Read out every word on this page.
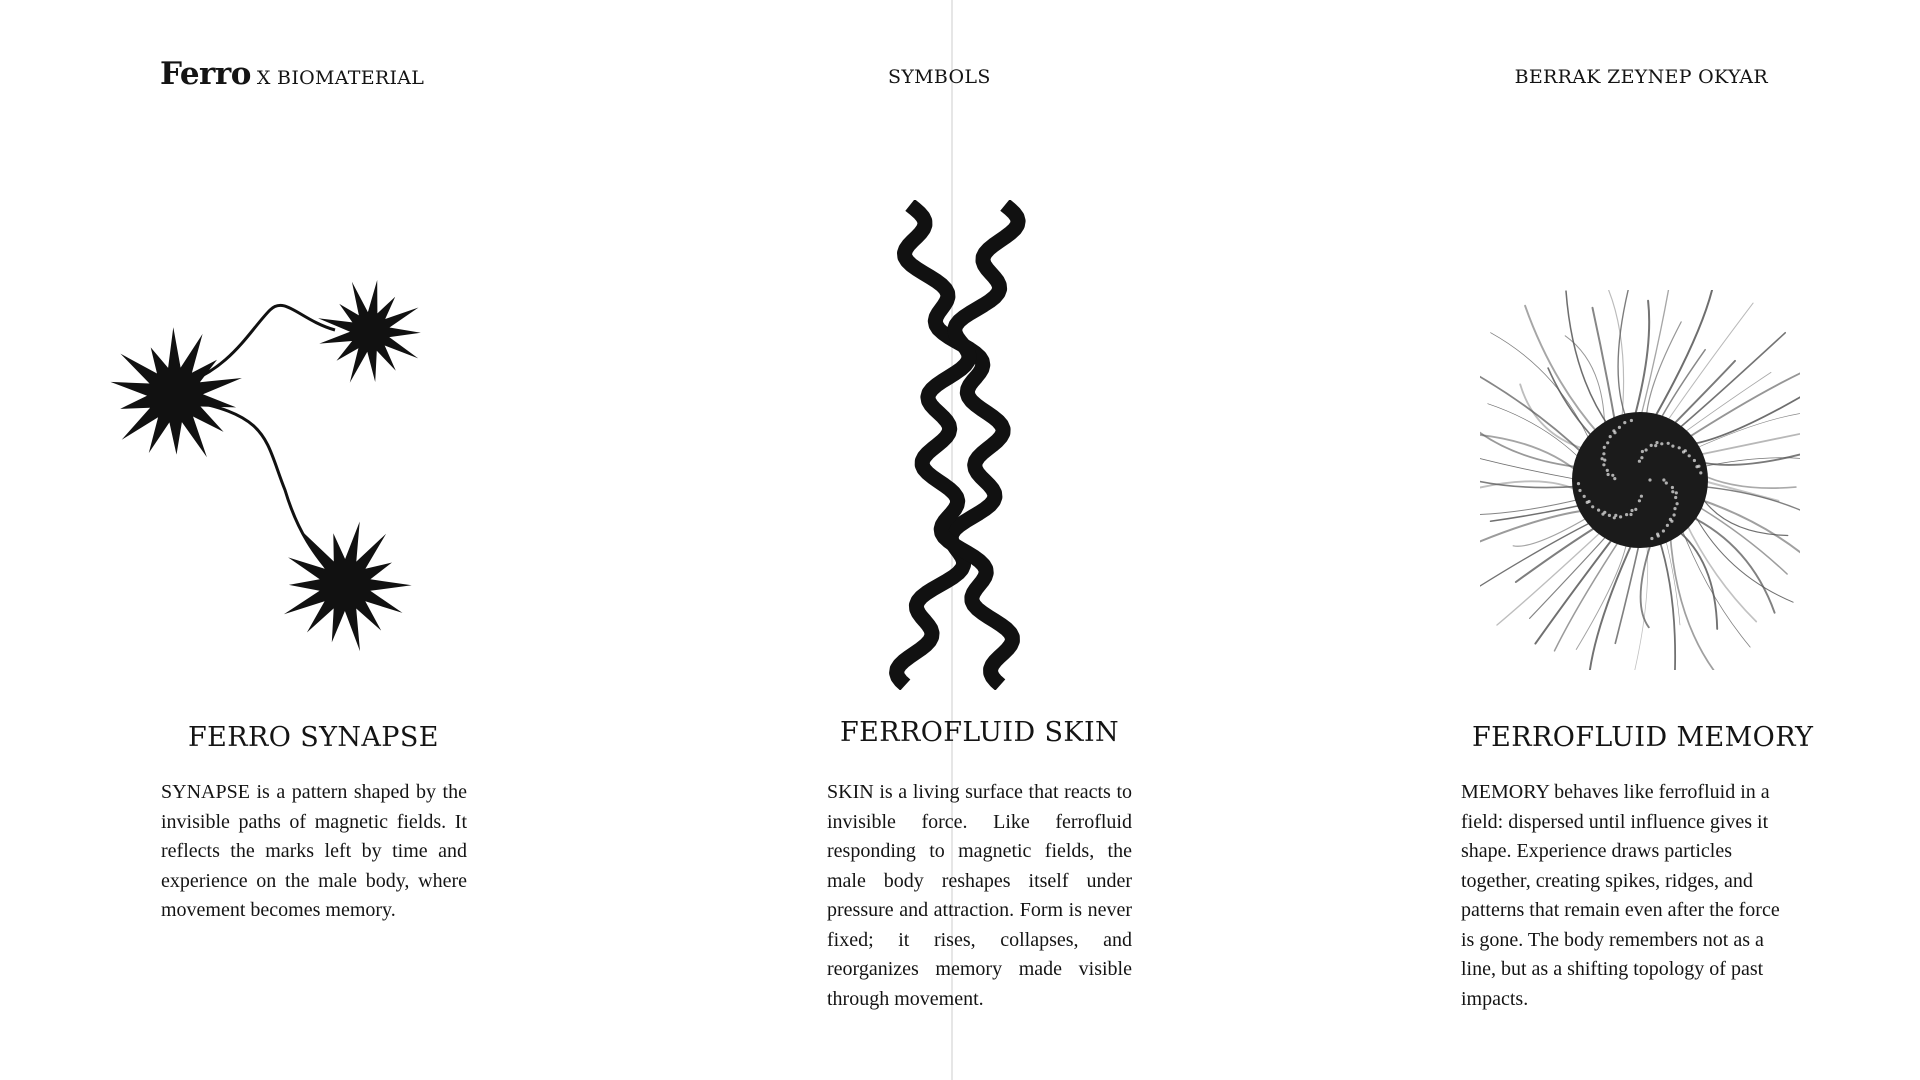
Ferro X BIOMATERIAL	SYMBOLS	BERRAK ZEYNEP OKYAR
FERRO SYNAPSE

SYNAPSE is a pattern shaped by the invisible paths of magnetic fields. It reflects the marks left by time and experience on the male body, where movement becomes memory.

FERROFLUID SKIN

SKIN is a living surface that reacts to invisible force. Like ferrofluid responding to magnetic fields, the male body reshapes itself under pressure and attraction. Form is never fixed; it rises, collapses, and reorganizes memory made visible through movement.

FERROFLUID MEMORY

MEMORY behaves like ferrofluid in a field: dispersed until influence gives it shape. Experience draws particles together, creating spikes, ridges, and patterns that remain even after the force is gone. The body remembers not as a line, but as a shifting topology of past impacts.
